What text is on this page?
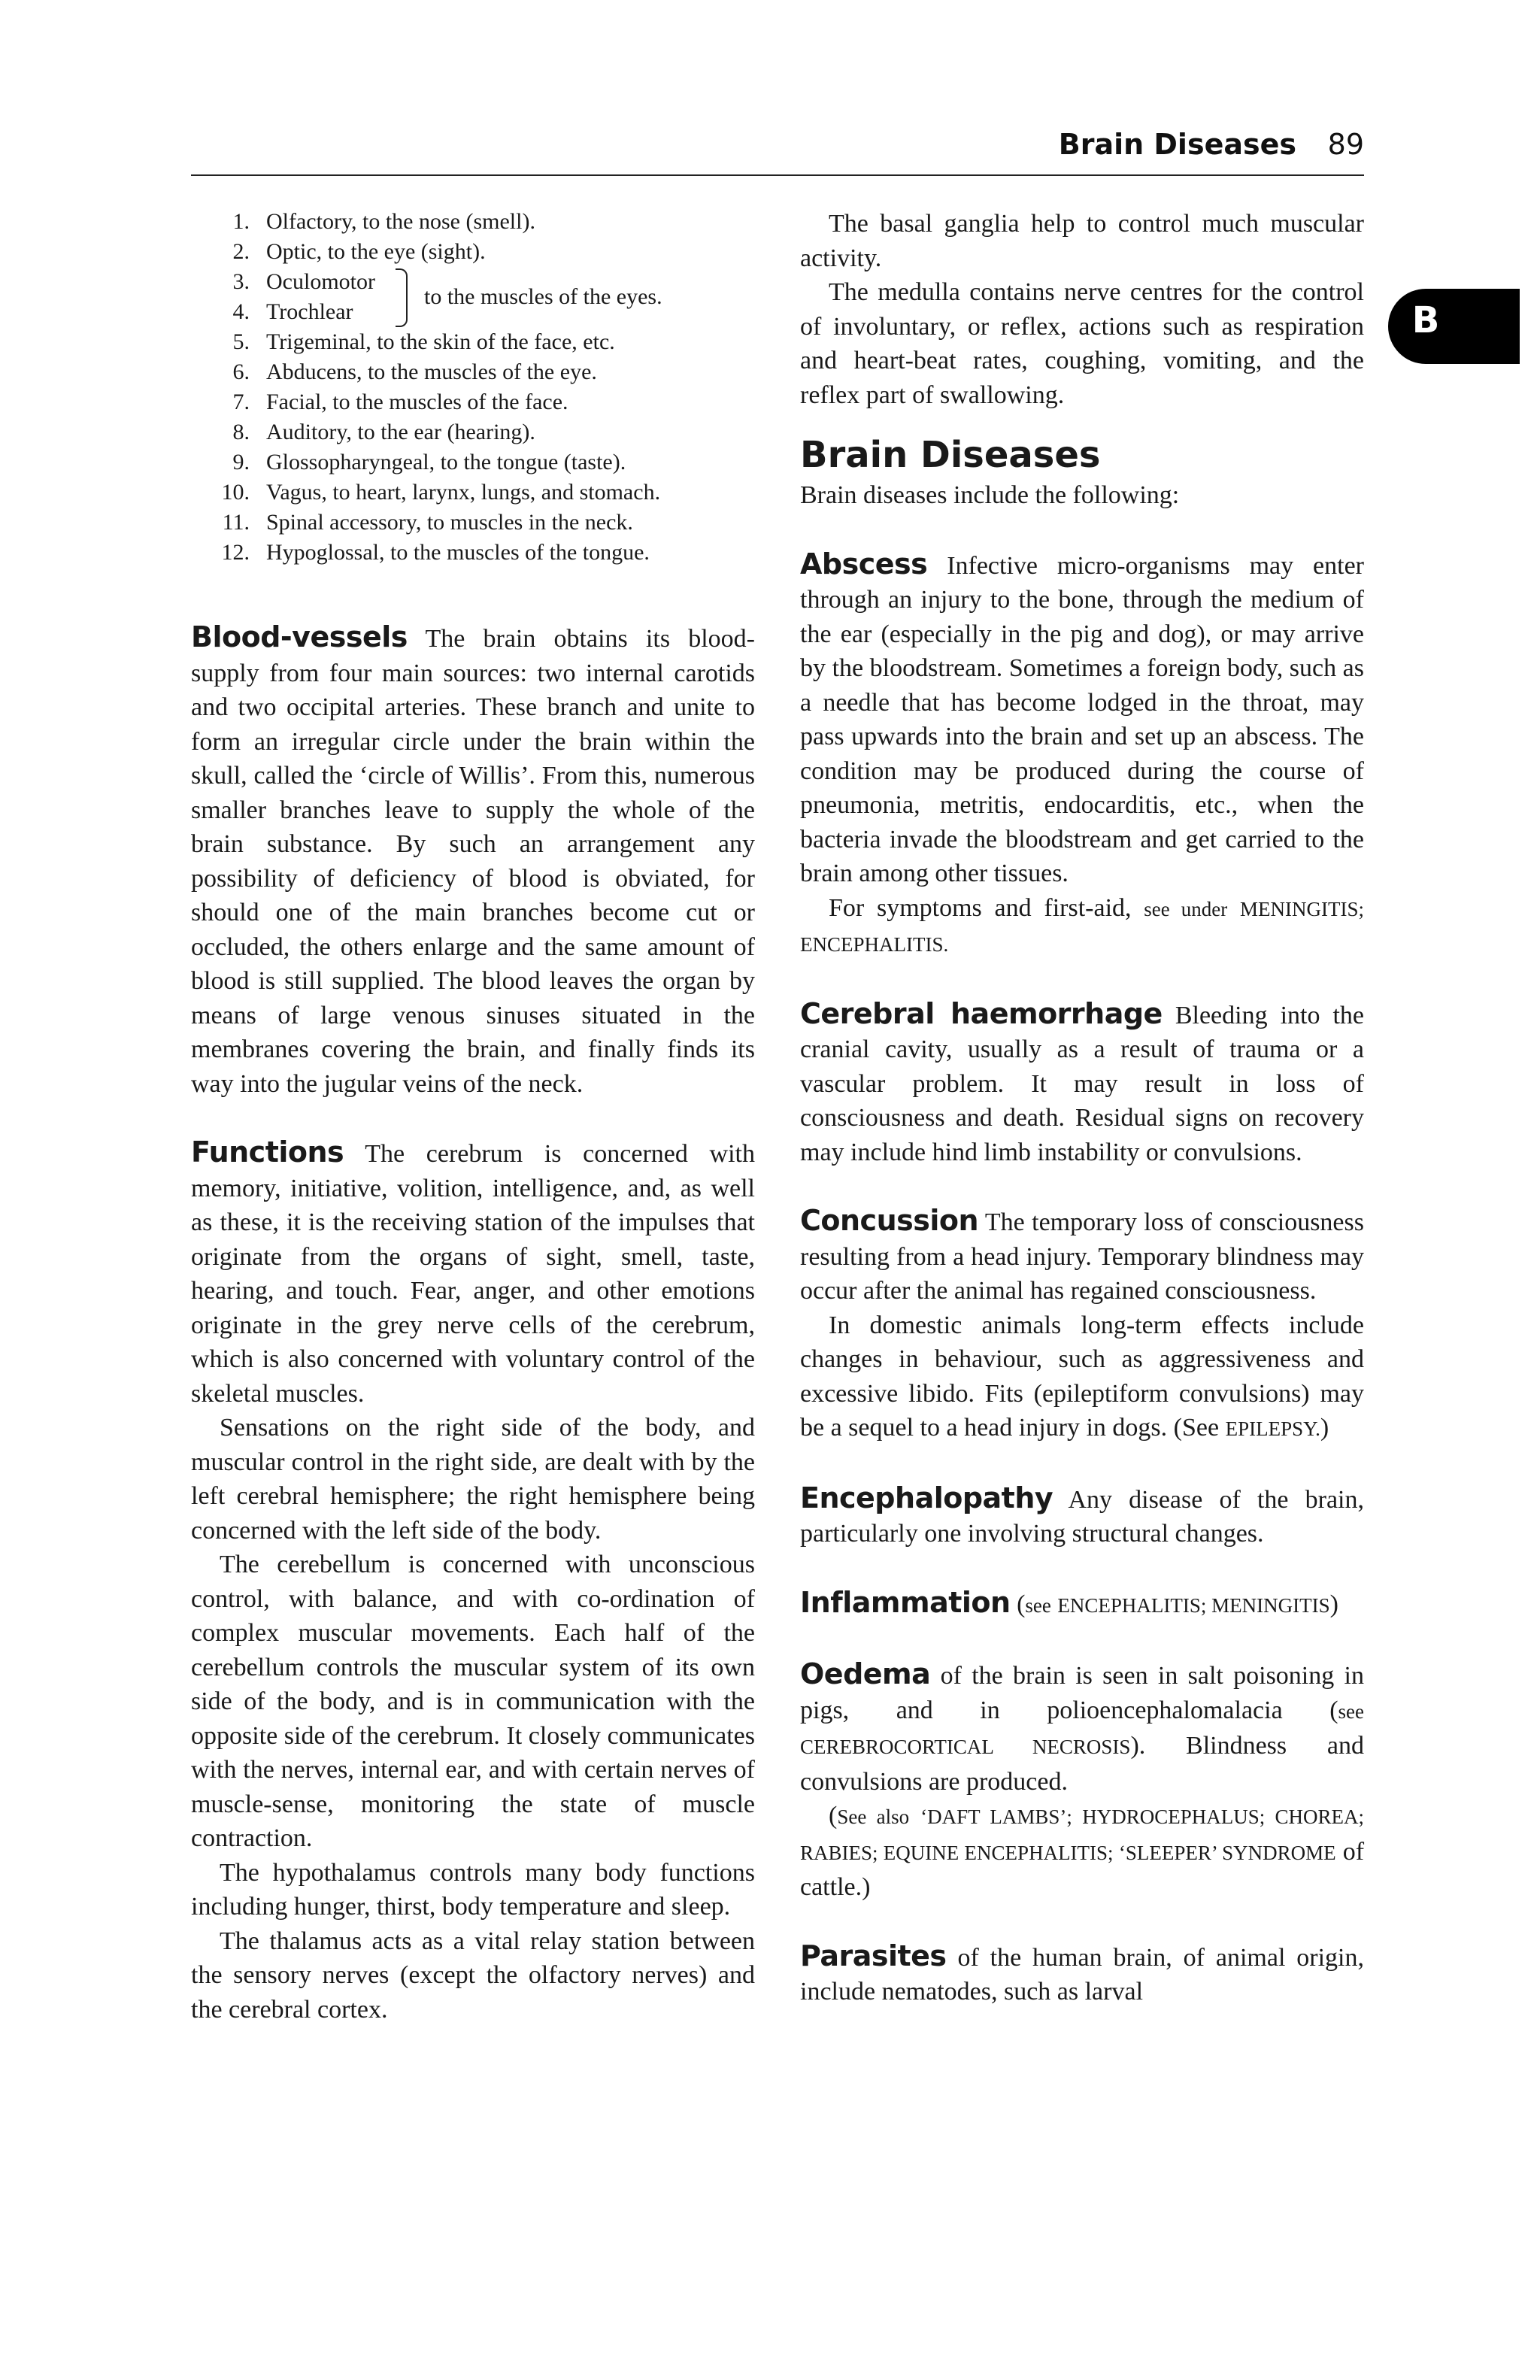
Brain Diseases 89
B
1. Olfactory, to the nose (smell).
2. Optic, to the eye (sight).
3. Oculomotor
4. Trochlear
to the muscles of the eyes.
5. Trigeminal, to the skin of the face, etc.
6. Abducens, to the muscles of the eye.
7. Facial, to the muscles of the face.
8. Auditory, to the ear (hearing).
9. Glossopharyngeal, to the tongue (taste).
10. Vagus, to heart, larynx, lungs, and stomach.
11. Spinal accessory, to muscles in the neck.
12. Hypoglossal, to the muscles of the tongue.

Blood-vessels The brain obtains its blood-supply from four main sources: two internal carotids and two occipital arteries. These branch and unite to form an irregular circle under the brain within the skull, called the ‘circle of Willis’. From this, numerous smaller branches leave to supply the whole of the brain substance. By such an arrangement any possibility of deficiency of blood is obviated, for should one of the main branches become cut or occluded, the others enlarge and the same amount of blood is still supplied. The blood leaves the organ by means of large venous sinuses situated in the membranes covering the brain, and finally finds its way into the jugular veins of the neck.

Functions The cerebrum is concerned with memory, initiative, volition, intelligence, and, as well as these, it is the receiving station of the impulses that originate from the organs of sight, smell, taste, hearing, and touch. Fear, anger, and other emotions originate in the grey nerve cells of the cerebrum, which is also concerned with voluntary control of the skeletal muscles.

Sensations on the right side of the body, and muscular control in the right side, are dealt with by the left cerebral hemisphere; the right hemisphere being concerned with the left side of the body.

The cerebellum is concerned with unconscious control, with balance, and with co-ordination of complex muscular movements. Each half of the cerebellum controls the muscular system of its own side of the body, and is in communication with the opposite side of the cerebrum. It closely communicates with the nerves, internal ear, and with certain nerves of muscle-sense, monitoring the state of muscle contraction.

The hypothalamus controls many body functions including hunger, thirst, body temperature and sleep.

The thalamus acts as a vital relay station between the sensory nerves (except the olfactory nerves) and the cerebral cortex.

The basal ganglia help to control much muscular activity.

The medulla contains nerve centres for the control of involuntary, or reflex, actions such as respiration and heart-beat rates, coughing, vomiting, and the reflex part of swallowing.

Brain Diseases

Brain diseases include the following:

Abscess Infective micro-organisms may enter through an injury to the bone, through the medium of the ear (especially in the pig and dog), or may arrive by the bloodstream. Sometimes a foreign body, such as a needle that has become lodged in the throat, may pass upwards into the brain and set up an abscess. The condition may be produced during the course of pneumonia, metritis, endocarditis, etc., when the bacteria invade the bloodstream and get carried to the brain among other tissues.

For symptoms and first-aid, see under MENINGITIS; ENCEPHALITIS.

Cerebral haemorrhage Bleeding into the cranial cavity, usually as a result of trauma or a vascular problem. It may result in loss of consciousness and death. Residual signs on recovery may include hind limb instability or convulsions.

Concussion The temporary loss of consciousness resulting from a head injury. Temporary blindness may occur after the animal has regained consciousness.

In domestic animals long-term effects include changes in behaviour, such as aggressiveness and excessive libido. Fits (epileptiform convulsions) may be a sequel to a head injury in dogs. (See EPILEPSY.)

Encephalopathy Any disease of the brain, particularly one involving structural changes.

Inflammation (see ENCEPHALITIS; MENINGITIS)

Oedema of the brain is seen in salt poisoning in pigs, and in polioencephalomalacia (see CEREBROCORTICAL NECROSIS). Blindness and convulsions are produced.

(See also ‘DAFT LAMBS’; HYDROCEPHALUS; CHOREA; RABIES; EQUINE ENCEPHALITIS; ‘SLEEPER’ SYNDROME of cattle.)

Parasites of the human brain, of animal origin, include nematodes, such as larval
